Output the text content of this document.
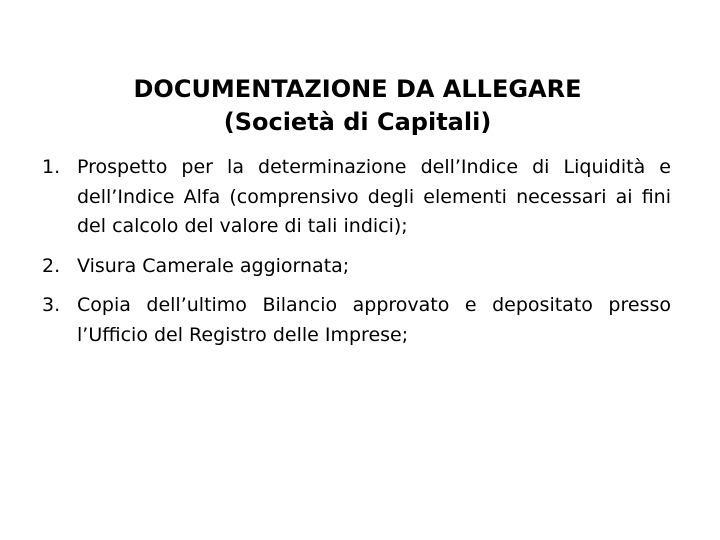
DOCUMENTAZIONE DA ALLEGARE
(Società di Capitali)
1. Prospetto per la determinazione dell’Indice di Liquidità e dell’Indice Alfa (comprensivo degli elementi necessari ai fini del calcolo del valore di tali indici);
2. Visura Camerale aggiornata;
3. Copia dell’ultimo Bilancio approvato e depositato presso l’Ufficio del Registro delle Imprese;
